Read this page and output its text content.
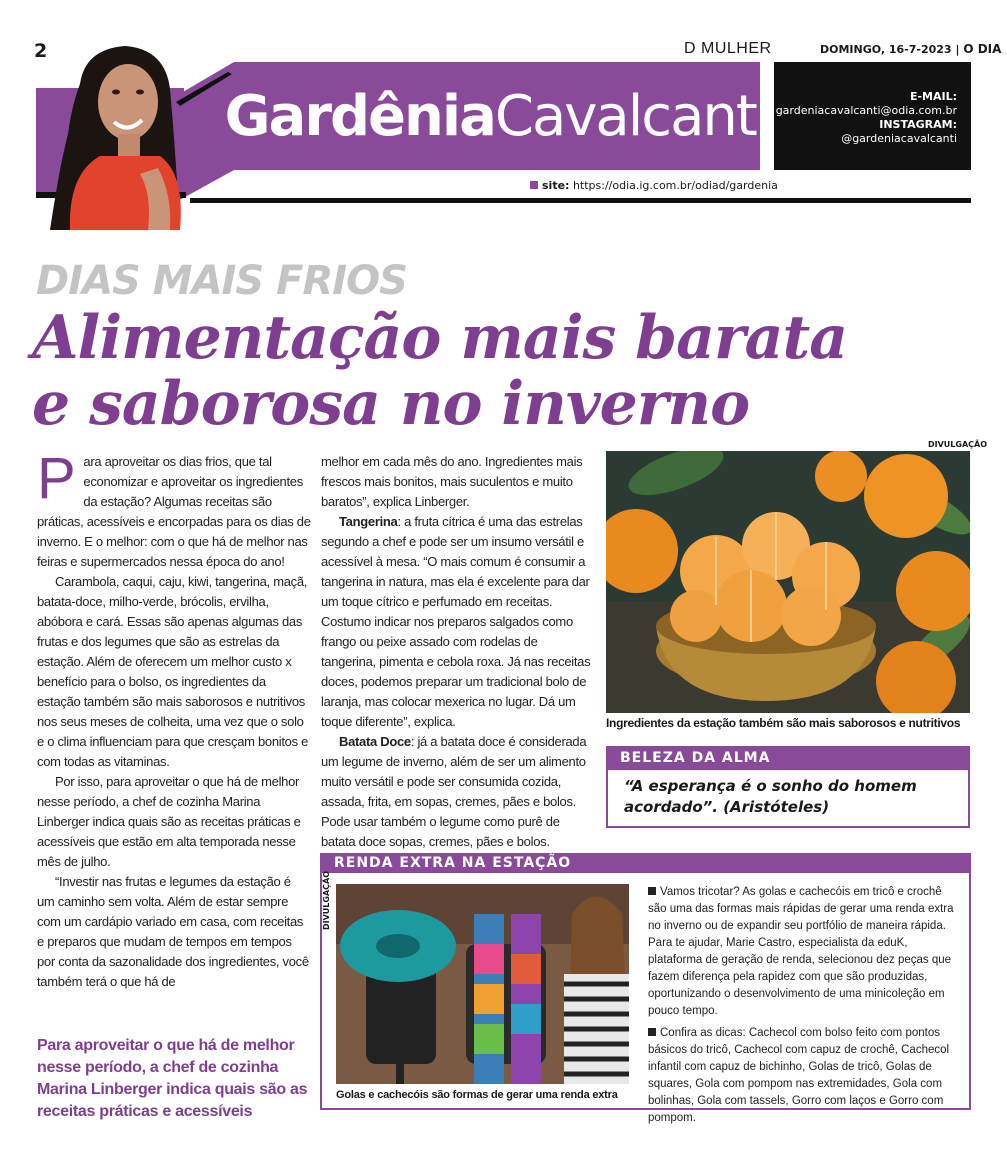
2	D MULHER	DOMINGO, 16-7-2023 | O DIA
Gardênia Cavalcanti	E-MAIL:
gardeniacavalcanti@odia.com.br
INSTAGRAM:
@gardeniacavalcanti
site: https://odia.ig.com.br/odiad/gardenia
DIAS MAIS FRIOS
Alimentação mais barata
e saborosa no inverno

Para aproveitar os dias frios, que tal economizar e aproveitar os ingredientes da estação? Algumas receitas são práticas, acessíveis e encorpadas para os dias de inverno. E o melhor: com o que há de melhor nas feiras e supermercados nessa época do ano!

Carambola, caqui, caju, kiwi, tangerina, maçã, batata-doce, milho-verde, brócolis, ervilha, abóbora e cará. Essas são apenas algumas das frutas e dos legumes que são as estrelas da estação. Além de oferecem um melhor custo x benefício para o bolso, os ingredientes da estação também são mais saborosos e nutritivos nos seus meses de colheita, uma vez que o solo e o clima influenciam para que cresçam bonitos e com todas as vitaminas.

Por isso, para aproveitar o que há de melhor nesse período, a chef de cozinha Marina Linberger indica quais são as receitas práticas e acessíveis que estão em alta temporada nesse mês de julho.

“Investir nas frutas e legumes da estação é um caminho sem volta. Além de estar sempre com um cardápio variado em casa, com receitas e preparos que mudam de tempos em tempos por conta da sazonalidade dos ingredientes, você também terá o que há de

melhor em cada mês do ano. Ingredientes mais frescos mais bonitos, mais suculentos e muito baratos”, explica Linberger.

Tangerina: a fruta cítrica é uma das estrelas segundo a chef e pode ser um insumo versátil e acessível à mesa. “O mais comum é consumir a tangerina in natura, mas ela é excelente para dar um toque cítrico e perfumado em receitas. Costumo indicar nos preparos salgados como frango ou peixe assado com rodelas de tangerina, pimenta e cebola roxa. Já nas receitas doces, podemos preparar um tradicional bolo de laranja, mas colocar mexerica no lugar. Dá um toque diferente”, explica.

Batata Doce: já a batata doce é considerada um legume de inverno, além de ser um alimento muito versátil e pode ser consumida cozida, assada, frita, em sopas, cremes, pães e bolos. Pode usar também o legume como purê de batata doce sopas, cremes, pães e bolos.

Para aproveitar o que há de melhor nesse período, a chef de cozinha Marina Linberger indica quais são as receitas práticas e acessíveis
DIVULGAÇÃO
Ingredientes da estação também são mais saborosos e nutritivos
BELEZA DA ALMA
“A esperança é o sonho do homem acordado”. (Aristóteles)
RENDA EXTRA NA ESTAÇÃO
DIVULGAÇÃO
Golas e cachecóis são formas de gerar uma renda extra
Vamos tricotar? As golas e cachecóis em tricô e crochê são uma das formas mais rápidas de gerar uma renda extra no inverno ou de expandir seu portfólio de maneira rápida. Para te ajudar, Marie Castro, especialista da eduK, plataforma de geração de renda, selecionou dez peças que fazem diferença pela rapidez com que são produzidas, oportunizando o desenvolvimento de uma minicoleção em pouco tempo.
Confira as dicas: Cachecol com bolso feito com pontos básicos do tricô, Cachecol com capuz de crochê, Cachecol infantil com capuz de bichinho, Golas de tricô, Golas de squares, Gola com pompom nas extremidades, Gola com bolinhas, Gola com tassels, Gorro com laços e Gorro com pompom.
